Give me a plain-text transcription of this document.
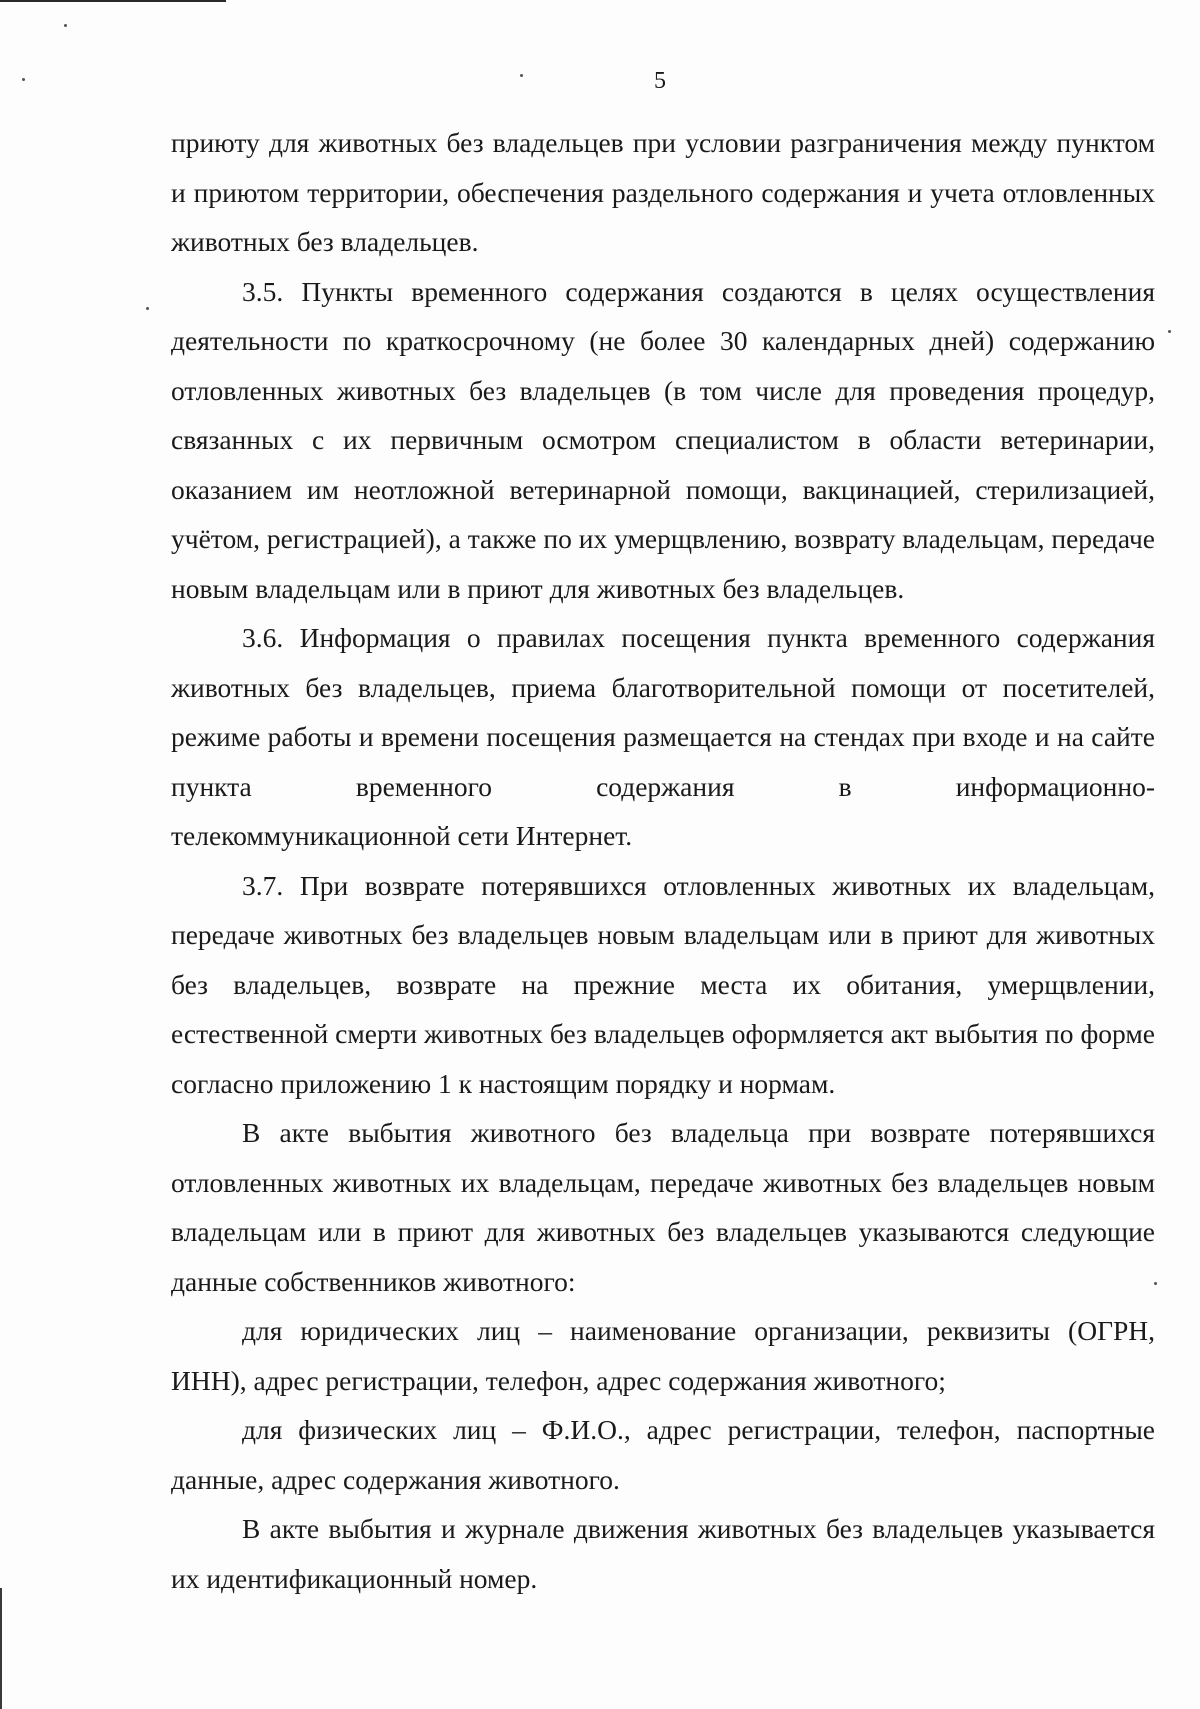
5

приюту для животных без владельцев при условии разграничения между пунктом и приютом территории, обеспечения раздельного содержания и учета отловленных животных без владельцев.

3.5. Пункты временного содержания создаются в целях осуществления деятельности по краткосрочному (не более 30 календарных дней) содержанию отловленных животных без владельцев (в том числе для проведения процедур, связанных с их первичным осмотром специалистом в области ветеринарии, оказанием им неотложной ветеринарной помощи, вакцинацией, стерилизацией, учётом, регистрацией), а также по их умерщвлению, возврату владельцам, передаче новым владельцам или в приют для животных без владельцев.

3.6. Информация о правилах посещения пункта временного содержания животных без владельцев, приема благотворительной помощи от посетителей, режиме работы и времени посещения размещается на стендах при входе и на сайте пункта временного содержания в информационно-

телекоммуникационной сети Интернет.

3.7. При возврате потерявшихся отловленных животных их владельцам, передаче животных без владельцев новым владельцам или в приют для животных без владельцев, возврате на прежние места их обитания, умерщвлении, естественной смерти животных без владельцев оформляется акт выбытия по форме согласно приложению 1 к настоящим порядку и нормам.

В акте выбытия животного без владельца при возврате потерявшихся отловленных животных их владельцам, передаче животных без владельцев новым владельцам или в приют для животных без владельцев указываются следующие данные собственников животного:

для юридических лиц – наименование организации, реквизиты (ОГРН, ИНН), адрес регистрации, телефон, адрес содержания животного;

для физических лиц – Ф.И.О., адрес регистрации, телефон, паспортные данные, адрес содержания животного.

В акте выбытия и журнале движения животных без владельцев указывается их идентификационный номер.
